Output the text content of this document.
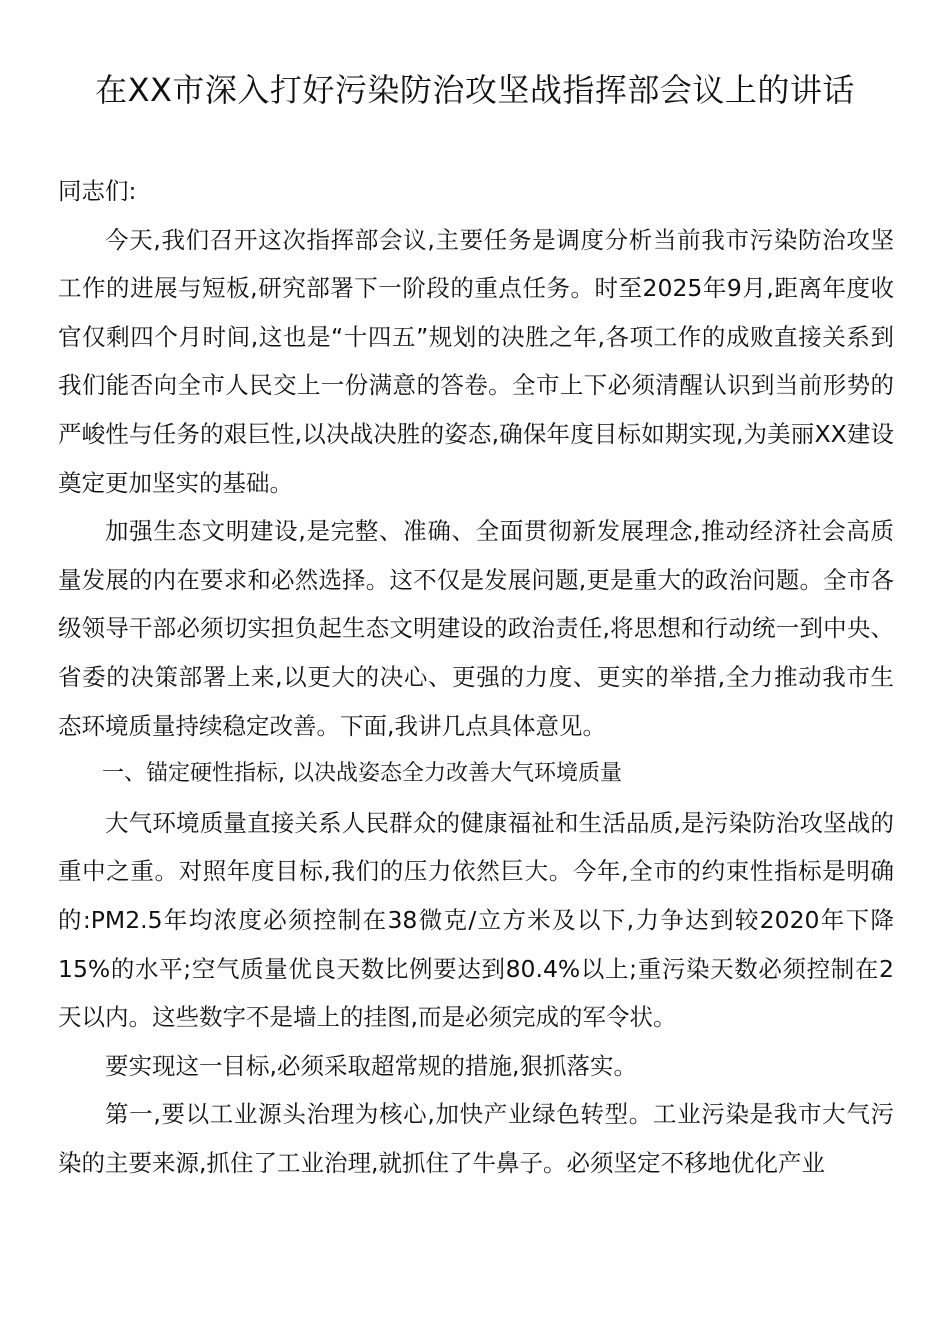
在XX市深入打好污染防治攻坚战指挥部会议上的讲话

同志们:

今天,我们召开这次指挥部会议,主要任务是调度分析当前我市污染防治攻坚工作的进展与短板,研究部署下一阶段的重点任务。时至2025年9月,距离年度收官仅剩四个月时间,这也是“十四五”规划的决胜之年,各项工作的成败直接关系到我们能否向全市人民交上一份满意的答卷。全市上下必须清醒认识到当前形势的严峻性与任务的艰巨性,以决战决胜的姿态,确保年度目标如期实现,为美丽XX建设奠定更加坚实的基础。

加强生态文明建设,是完整、准确、全面贯彻新发展理念,推动经济社会高质量发展的内在要求和必然选择。这不仅是发展问题,更是重大的政治问题。全市各级领导干部必须切实担负起生态文明建设的政治责任,将思想和行动统一到中央、省委的决策部署上来,以更大的决心、更强的力度、更实的举措,全力推动我市生态环境质量持续稳定改善。下面,我讲几点具体意见。

一、锚定硬性指标, 以决战姿态全力改善大气环境质量

大气环境质量直接关系人民群众的健康福祉和生活品质,是污染防治攻坚战的重中之重。对照年度目标,我们的压力依然巨大。今年,全市的约束性指标是明确的:PM2.5年均浓度必须控制在38微克/立方米及以下,力争达到较2020年下降15%的水平;空气质量优良天数比例要达到80.4%以上;重污染天数必须控制在2天以内。这些数字不是墙上的挂图,而是必须完成的军令状。

要实现这一目标,必须采取超常规的措施,狠抓落实。

第一,要以工业源头治理为核心,加快产业绿色转型。工业污染是我市大气污染的主要来源,抓住了工业治理,就抓住了牛鼻子。必须坚定不移地优化产业
